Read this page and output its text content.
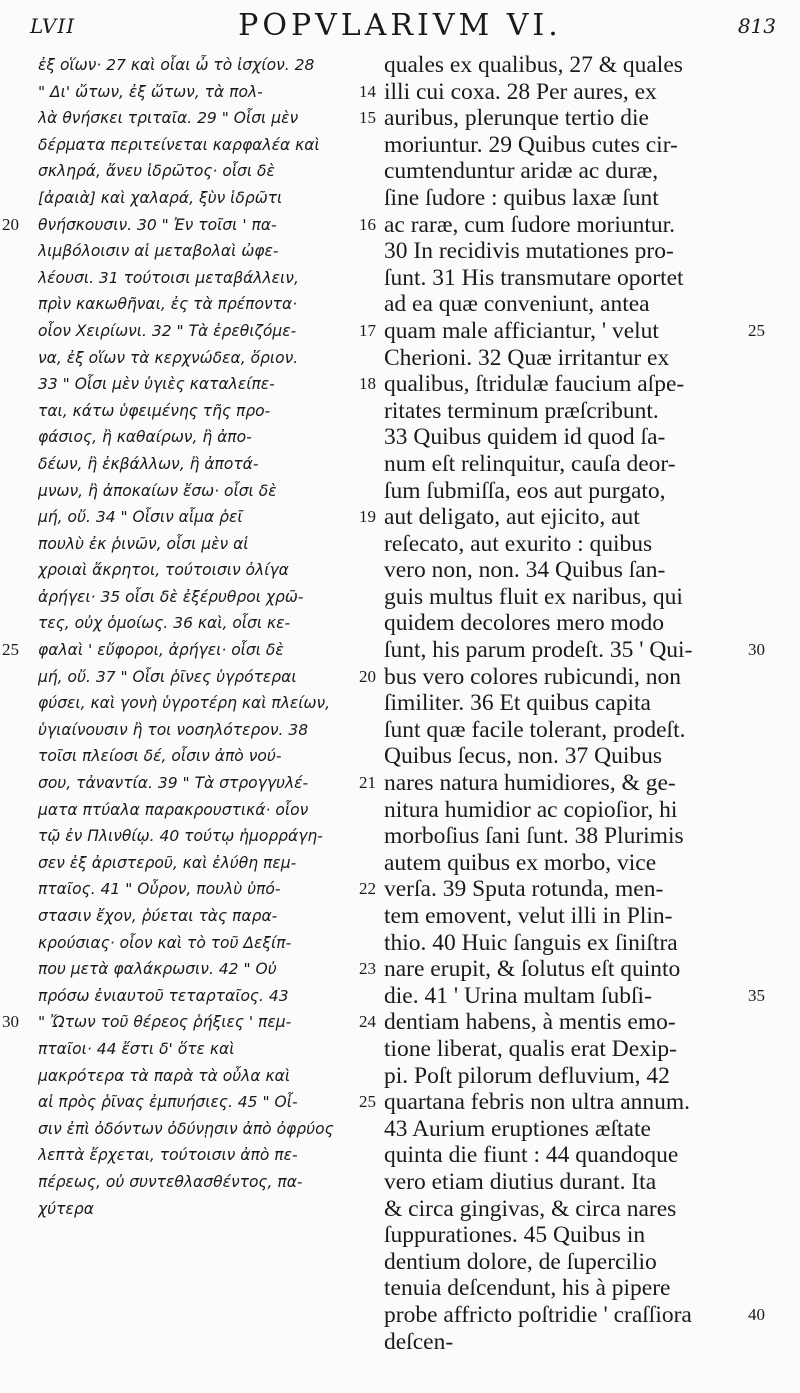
LVII	POPVLARIVM VI.	813
20
25
30
ἐξ οἵων· 27 καὶ οἷαι ὦ τὸ ἰσχίον. 28
" Δι' ὤτων, ἐξ ὤτων, τὰ πολ-
λὰ θνήσκει τριταῖα. 29 " Οἷσι μὲν
δέρματα περιτείνεται καρφαλέα καὶ
σκληρά, ἄνευ ἱδρῶτος· οἷσι δὲ
[ἀραιὰ] καὶ χαλαρά, ξὺν ἱδρῶτι
θνήσκουσιν. 30 " Ἐν τοῖσι ' πα-
λιμβόλοισιν αἱ μεταβολαὶ ὠφε-
λέουσι. 31 τούτοισι μεταβάλλειν,
πρὶν κακωθῆναι, ἐς τὰ πρέποντα·
οἷον Χειρίωνι. 32 " Τὰ ἐρεθιζόμε-
να, ἐξ οἵων τὰ κερχνώδεα, ὅριον.
33 " Οἷσι μὲν ὑγιὲς καταλείπε-
ται, κάτω ὑφειμένης τῆς προ-
φάσιος, ἢ καθαίρων, ἢ ἀπο-
δέων, ἢ ἐκβάλλων, ἢ ἀποτά-
μνων, ἢ ἀποκαίων ἔσω· οἷσι δὲ
μή, οὔ. 34 " Οἷσιν αἷμα ῥεῖ
πουλὺ ἐκ ῥινῶν, οἷσι μὲν αἱ
χροιαὶ ἄκρητοι, τούτοισιν ὀλίγα
ἀρήγει· 35 οἷσι δὲ ἐξέρυθροι χρῶ-
τες, οὐχ ὁμοίως. 36 καὶ, οἷσι κε-
φαλαὶ ' εὔφοροι, ἀρήγει· οἷσι δὲ
μή, οὔ. 37 " Οἷσι ῥῖνες ὑγρότεραι
φύσει, καὶ γονὴ ὑγροτέρη καὶ πλείων,
ὑγιαίνουσιν ἢ τοι νοσηλότερον. 38
τοῖσι πλείοσι δέ, οἷσιν ἀπὸ νού-
σου, τἀναντία. 39 " Τὰ στρογγυλέ-
ματα πτύαλα παρακρουστικά· οἷον
τῷ ἐν Πλινθίῳ. 40 τούτῳ ἡμορράγη-
σεν ἐξ ἀριστεροῦ, καὶ ἐλύθη πεμ-
πταῖος. 41 " Οὖρον, πουλὺ ὑπό-
στασιν ἔχον, ῥύεται τὰς παρα-
κρούσιας· οἷον καὶ τὸ τοῦ Δεξίπ-
που μετὰ φαλάκρωσιν. 42 " Οὐ
πρόσω ἐνιαυτοῦ τεταρταῖος. 43
" Ὤτων τοῦ θέρεος ῥήξιες ' πεμ-
πταῖοι· 44 ἔστι δ' ὅτε καὶ
μακρότερα τὰ παρὰ τὰ οὖλα καὶ
αἱ πρὸς ῥῖνας ἐμπυήσιες. 45 " Οἷ-
σιν ἐπὶ ὀδόντων ὀδύνῃσιν ἀπὸ ὀφρύος
λεπτὰ ἔρχεται, τούτοισιν ἀπὸ πε-
πέρεως, οὐ συντεθλασθέντος, πα-
χύτερα
14
15
16
17
18
19
20
21
22
23
24
25
quales ex qualibus, 27 & quales
illi cui coxa. 28 Per aures, ex
auribus, plerunque tertio die
moriuntur. 29 Quibus cutes cir-
cumtenduntur aridæ ac duræ,
ſine ſudore : quibus laxæ ſunt
ac raræ, cum ſudore moriuntur.
30 In recidivis mutationes pro-
ſunt. 31 His transmutare oportet
ad ea quæ conveniunt, antea
quam male afficiantur, ' velut
Cherioni. 32 Quæ irritantur ex
qualibus, ſtridulæ faucium aſpe-
ritates terminum præſcribunt.
33 Quibus quidem id quod ſa-
num eſt relinquitur, cauſa deor-
ſum ſubmiſſa, eos aut purgato,
aut deligato, aut ejicito, aut
reſecato, aut exurito : quibus
vero non, non. 34 Quibus ſan-
guis multus fluit ex naribus, qui
quidem decolores mero modo
ſunt, his parum prodeſt. 35 ' Qui-
bus vero colores rubicundi, non
ſimiliter. 36 Et quibus capita
ſunt quæ facile tolerant, prodeſt.
Quibus ſecus, non. 37 Quibus
nares natura humidiores, & ge-
nitura humidior ac copioſior, hi
morboſius ſani ſunt. 38 Plurimis
autem quibus ex morbo, vice
verſa. 39 Sputa rotunda, men-
tem emovent, velut illi in Plin-
thio. 40 Huic ſanguis ex ſiniſtra
nare erupit, & ſolutus eſt quinto
die. 41 ' Urina multam ſubſi-
dentiam habens, à mentis emo-
tione liberat, qualis erat Dexip-
pi. Poſt pilorum defluvium, 42
quartana febris non ultra annum.
43 Aurium eruptiones æſtate
quinta die fiunt : 44 quandoque
vero etiam diutius durant. Ita
& circa gingivas, & circa nares
ſuppurationes. 45 Quibus in
dentium dolore, de ſupercilio
tenuia deſcendunt, his à pipere
probe affricto poſtridie ' craſſiora
deſcen-
25
30
35
40
